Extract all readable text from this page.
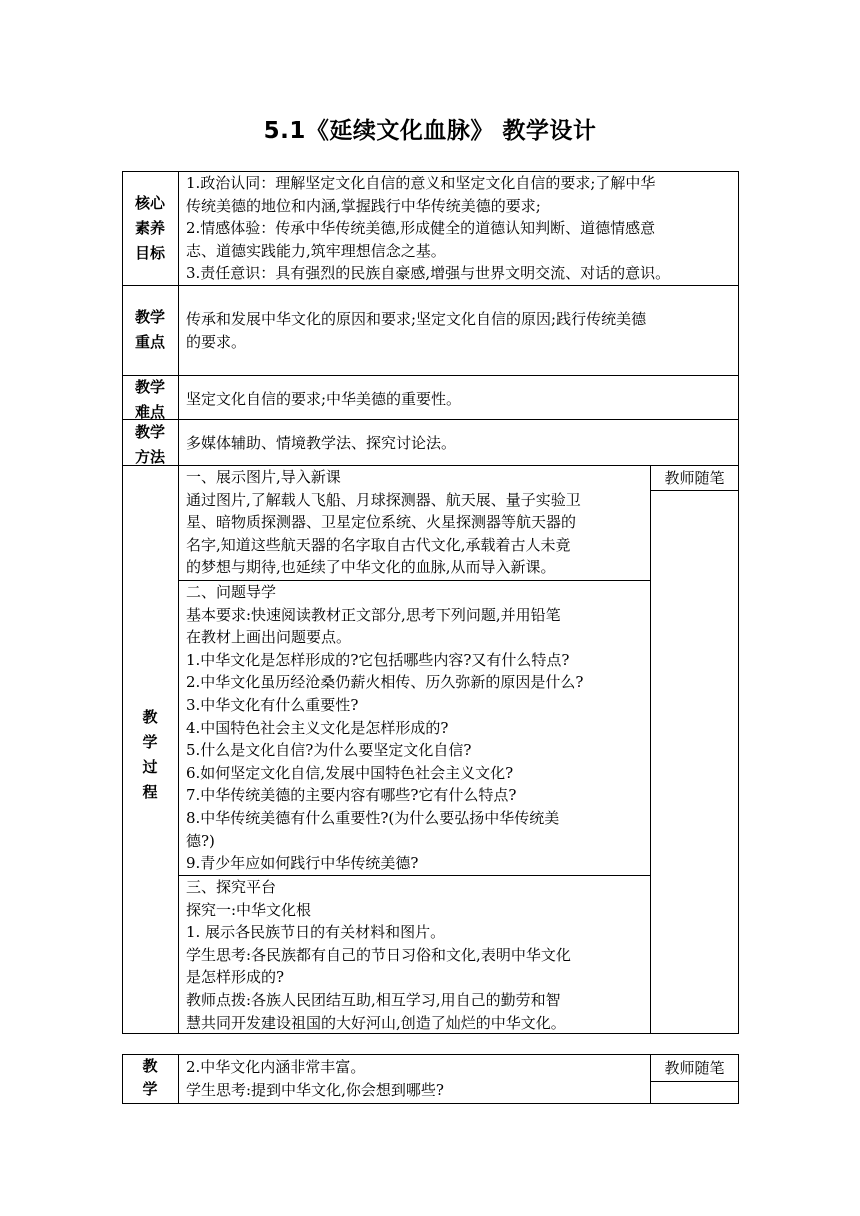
5.1《延续文化血脉》 教学设计
核心
素养
目标
1.政治认同：理解坚定文化自信的意义和坚定文化自信的要求;了解中华
传统美德的地位和内涵,掌握践行中华传统美德的要求;
2.情感体验：传承中华传统美德,形成健全的道德认知判断、道德情感意
志、道德实践能力,筑牢理想信念之基。
3.责任意识：具有强烈的民族自豪感,增强与世界文明交流、对话的意识。
教学
重点
传承和发展中华文化的原因和要求;坚定文化自信的原因;践行传统美德
的要求。
教学
难点
坚定文化自信的要求;中华美德的重要性。
教学
方法
多媒体辅助、情境教学法、探究讨论法。
教
学
过
程
教师随笔
一、展示图片,导入新课
通过图片,了解载人飞船、月球探测器、航天展、量子实验卫
星、暗物质探测器、卫星定位系统、火星探测器等航天器的
名字,知道这些航天器的名字取自古代文化,承载着古人未竟
的梦想与期待,也延续了中华文化的血脉,从而导入新课。
二、问题导学
基本要求:快速阅读教材正文部分,思考下列问题,并用铅笔
在教材上画出问题要点。
1.中华文化是怎样形成的?它包括哪些内容?又有什么特点?
2.中华文化虽历经沧桑仍薪火相传、历久弥新的原因是什么?
3.中华文化有什么重要性?
4.中国特色社会主义文化是怎样形成的?
5.什么是文化自信?为什么要坚定文化自信?
6.如何坚定文化自信,发展中国特色社会主义文化?
7.中华传统美德的主要内容有哪些?它有什么特点?
8.中华传统美德有什么重要性?(为什么要弘扬中华传统美
德?)
9.青少年应如何践行中华传统美德?
三、探究平台
探究一:中华文化根
1. 展示各民族节日的有关材料和图片。
学生思考:各民族都有自己的节日习俗和文化,表明中华文化
是怎样形成的?
教师点拨:各族人民团结互助,相互学习,用自己的勤劳和智
慧共同开发建设祖国的大好河山,创造了灿烂的中华文化。
教
学
2.中华文化内涵非常丰富。
学生思考:提到中华文化,你会想到哪些?
教师随笔
